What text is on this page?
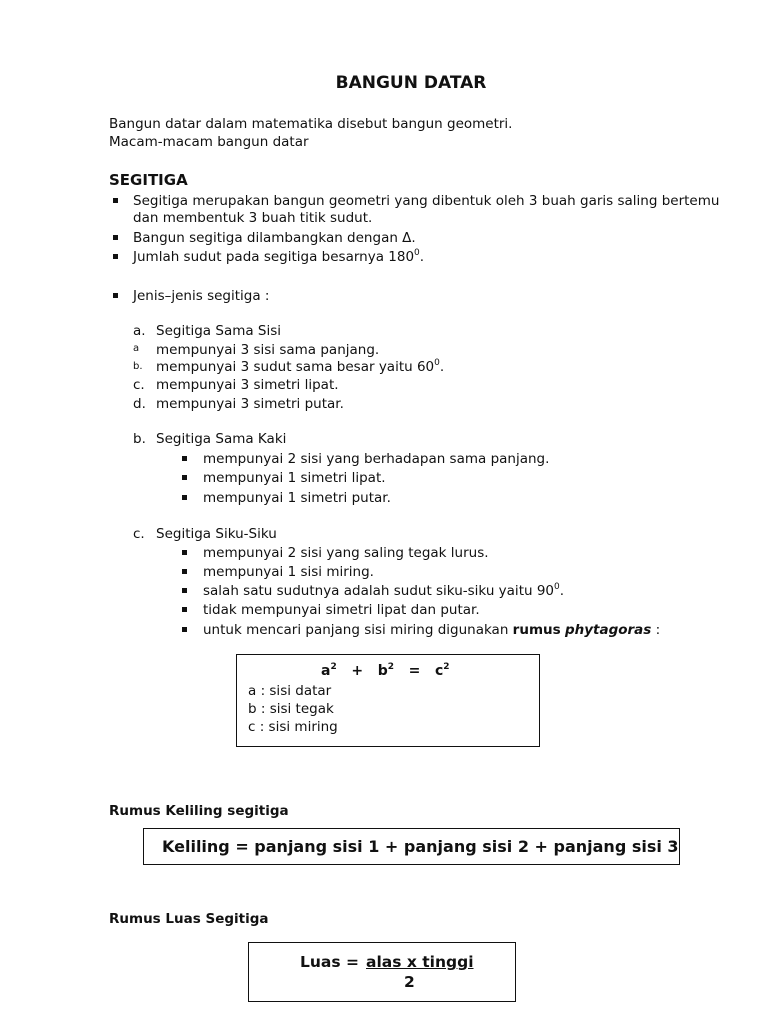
BANGUN DATAR
Bangun datar dalam matematika disebut bangun geometri.
Macam-macam bangun datar
SEGITIGA
Segitiga merupakan bangun geometri yang dibentuk oleh 3 buah garis saling bertemu
dan membentuk 3 buah titik sudut.
Bangun segitiga dilambangkan dengan Δ.
Jumlah sudut pada segitiga besarnya $180^0$.
Jenis–jenis segitiga :
a. Segitiga Sama Sisi
a mempunyai 3 sisi sama panjang.
b. mempunyai 3 sudut sama besar yaitu $60^0$.
c. mempunyai 3 simetri lipat.
d. mempunyai 3 simetri putar.
b. Segitiga Sama Kaki
mempunyai 2 sisi yang berhadapan sama panjang.
mempunyai 1 simetri lipat.
mempunyai 1 simetri putar.
c. Segitiga Siku-Siku
mempunyai 2 sisi yang saling tegak lurus.
mempunyai 1 sisi miring.
salah satu sudutnya adalah sudut siku-siku yaitu $90^0$.
tidak mempunyai simetri lipat dan putar.
untuk mencari panjang sisi miring digunakan rumus phytagoras :
$a^2 + b^2 = c^2$
a : sisi datar
b : sisi tegak
c : sisi miring
Rumus Keliling segitiga
Keliling = panjang sisi 1 + panjang sisi 2 + panjang sisi 3
Rumus Luas Segitiga
Luas = alas x tinggi
2
